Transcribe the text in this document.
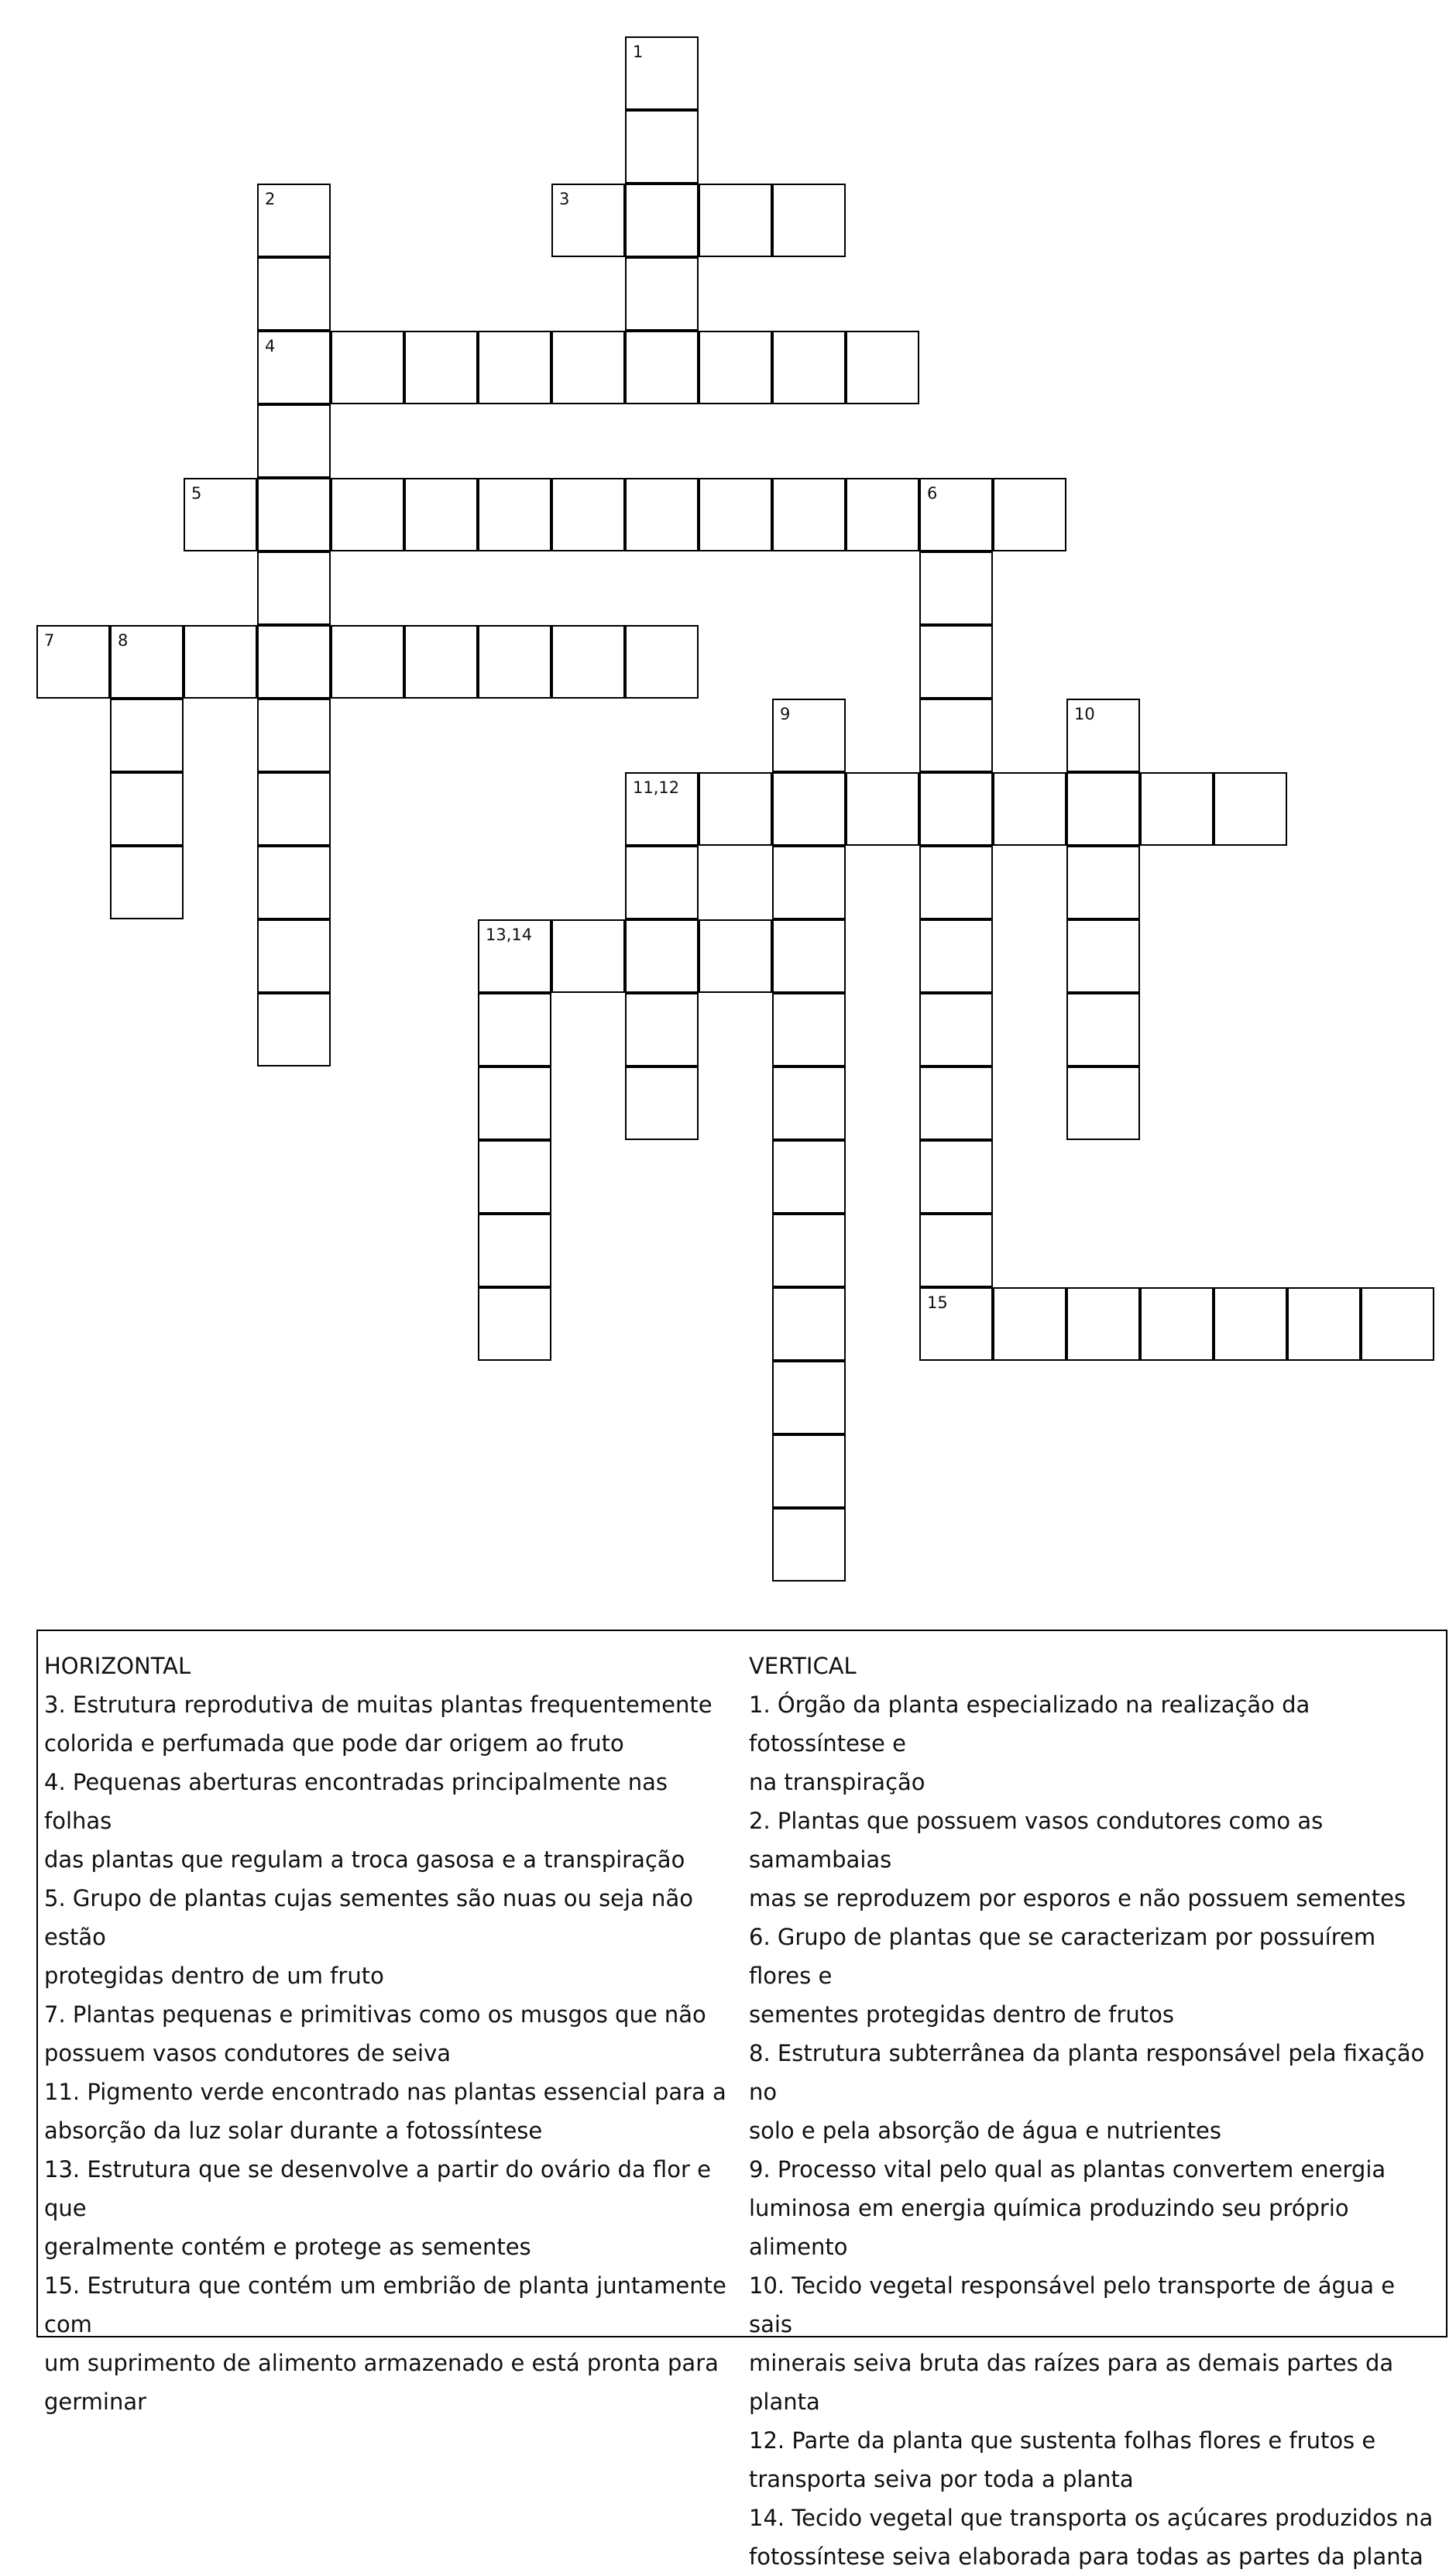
1
2	3
4
5	6
7	8
9	10
11,12
13,14
15
HORIZONTAL
3. Estrutura reprodutiva de muitas plantas frequentemente
colorida e perfumada que pode dar origem ao fruto
4. Pequenas aberturas encontradas principalmente nas folhas
das plantas que regulam a troca gasosa e a transpiração
5. Grupo de plantas cujas sementes são nuas ou seja não estão
protegidas dentro de um fruto
7. Plantas pequenas e primitivas como os musgos que não
possuem vasos condutores de seiva
11. Pigmento verde encontrado nas plantas essencial para a
absorção da luz solar durante a fotossíntese
13. Estrutura que se desenvolve a partir do ovário da flor e que
geralmente contém e protege as sementes
15. Estrutura que contém um embrião de planta juntamente com
um suprimento de alimento armazenado e está pronta para
germinar
VERTICAL
1. Órgão da planta especializado na realização da fotossíntese e
na transpiração
2. Plantas que possuem vasos condutores como as samambaias
mas se reproduzem por esporos e não possuem sementes
6. Grupo de plantas que se caracterizam por possuírem flores e
sementes protegidas dentro de frutos
8. Estrutura subterrânea da planta responsável pela fixação no
solo e pela absorção de água e nutrientes
9. Processo vital pelo qual as plantas convertem energia
luminosa em energia química produzindo seu próprio alimento
10. Tecido vegetal responsável pelo transporte de água e sais
minerais seiva bruta das raízes para as demais partes da planta
12. Parte da planta que sustenta folhas flores e frutos e
transporta seiva por toda a planta
14. Tecido vegetal que transporta os açúcares produzidos na
fotossíntese seiva elaborada para todas as partes da planta
